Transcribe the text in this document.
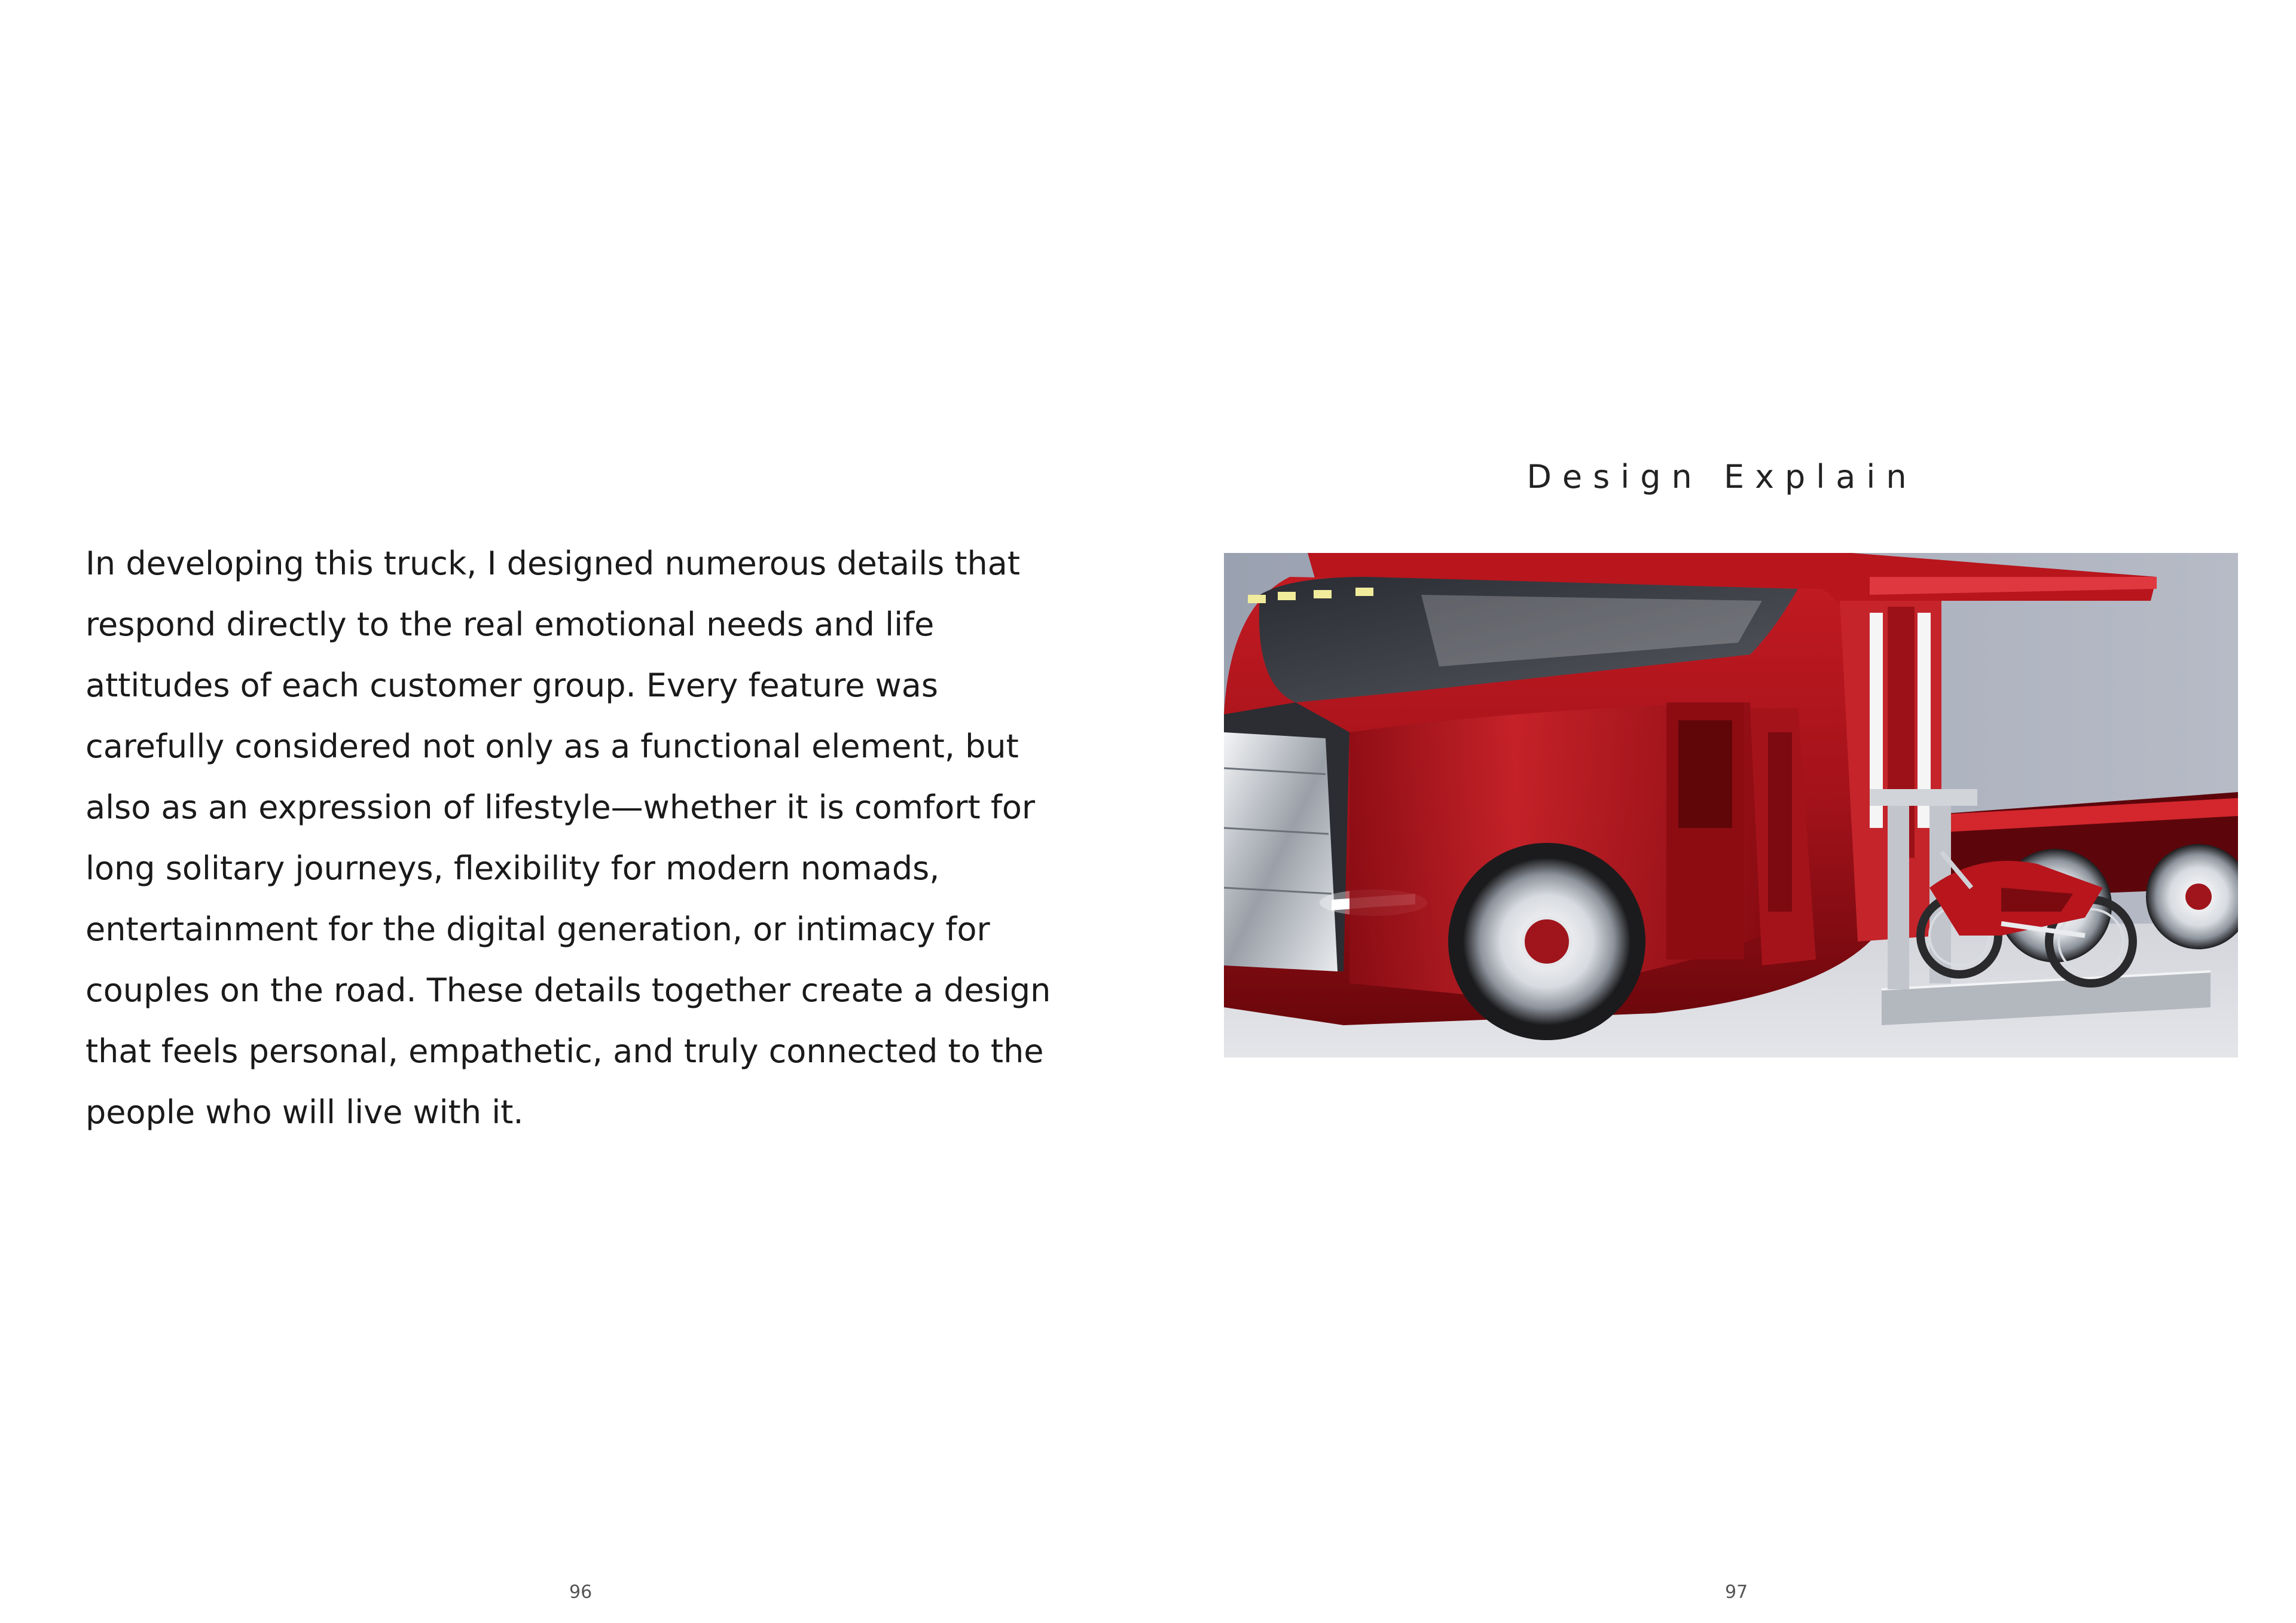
In developing this truck, I designed numerous details that
respond directly to the real emotional needs and life
attitudes of each customer group. Every feature was
carefully considered not only as a functional element, but
also as an expression of lifestyle—whether it is comfort for
long solitary journeys, flexibility for modern nomads,
entertainment for the digital generation, or intimacy for
couples on the road. These details together create a design
that feels personal, empathetic, and truly connected to the
people who will live with it.

96
Design Explain
97
